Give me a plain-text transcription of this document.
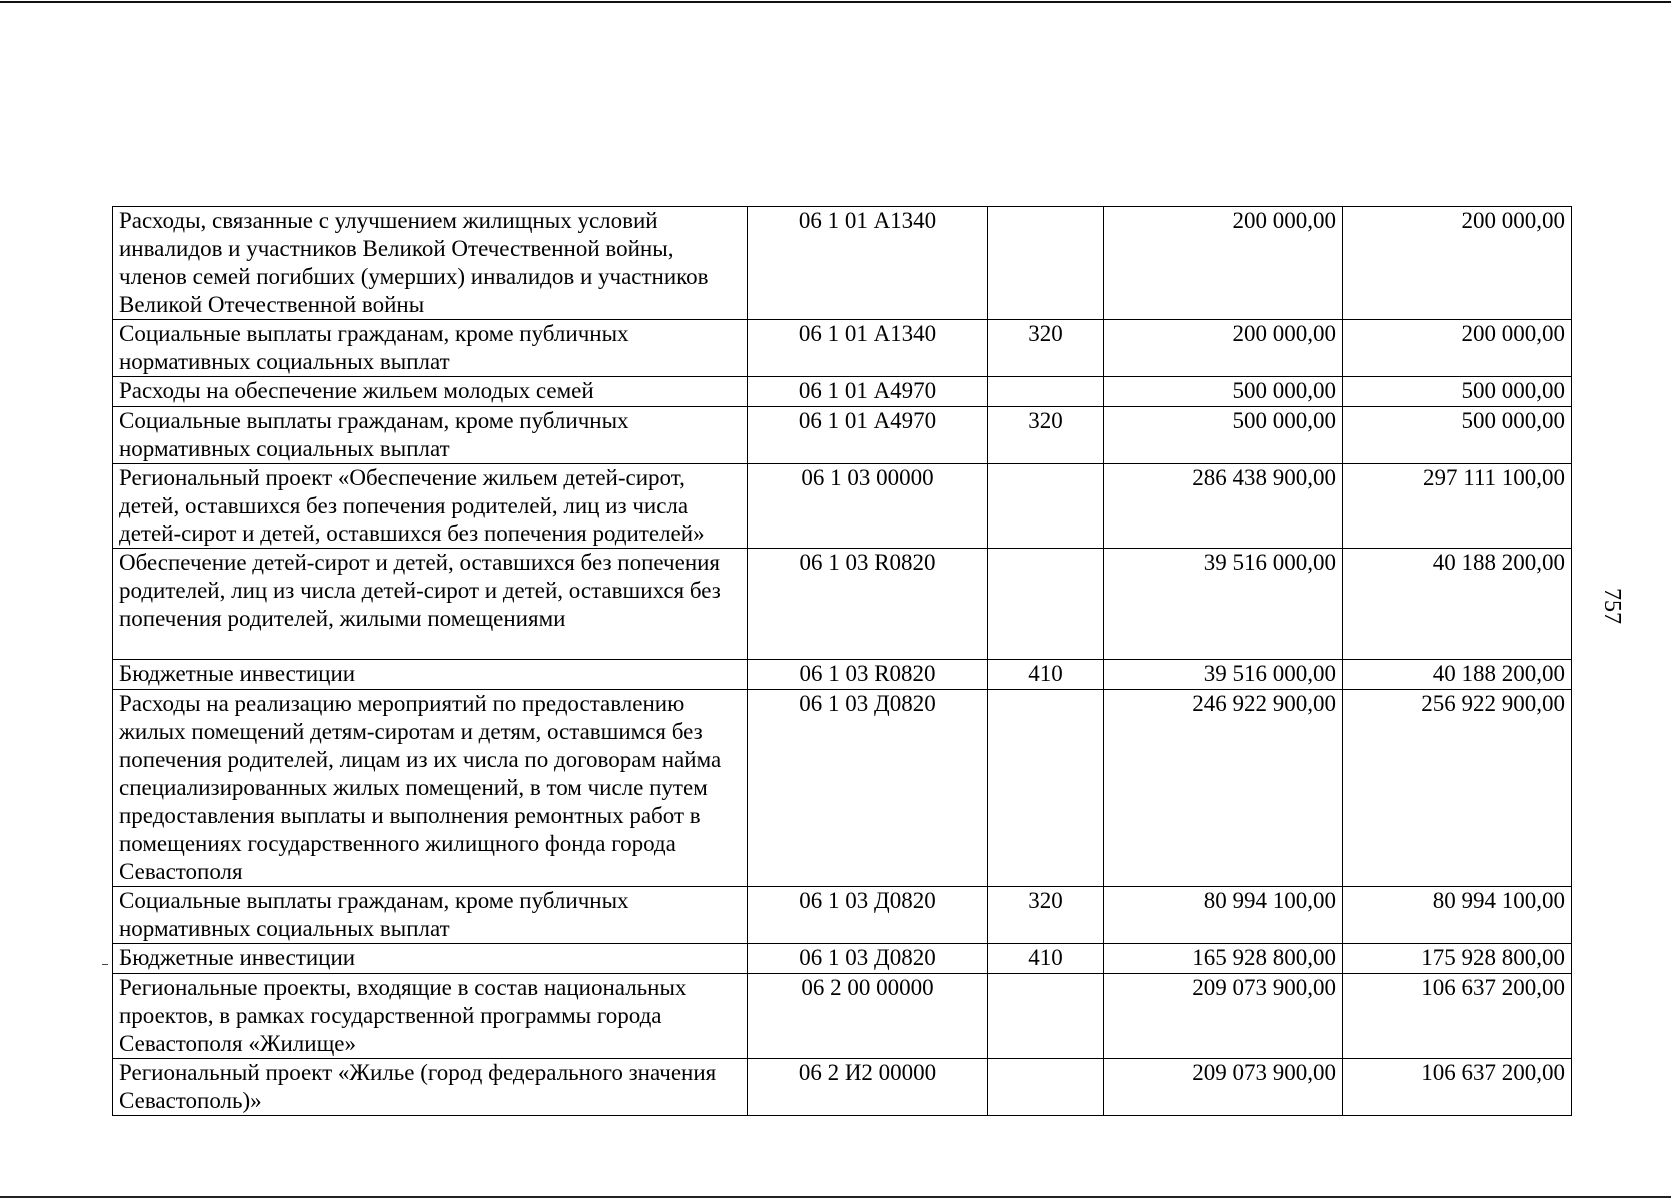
Расходы, связанные с улучшением жилищных условий инвалидов и участников Великой Отечественной войны, членов семей погибших (умерших) инвалидов и участников Великой Отечественной войны	06 1 01 А1340		200 000,00	200 000,00
Социальные выплаты гражданам, кроме публичных нормативных социальных выплат	06 1 01 А1340	320	200 000,00	200 000,00
Расходы на обеспечение жильем молодых семей	06 1 01 А4970		500 000,00	500 000,00
Социальные выплаты гражданам, кроме публичных нормативных социальных выплат	06 1 01 А4970	320	500 000,00	500 000,00
Региональный проект «Обеспечение жильем детей-сирот, детей, оставшихся без попечения родителей, лиц из числа детей-сирот и детей, оставшихся без попечения родителей»	06 1 03 00000		286 438 900,00	297 111 100,00
Обеспечение детей-сирот и детей, оставшихся без попечения родителей, лиц из числа детей-сирот и детей, оставшихся без попечения родителей, жилыми помещениями	06 1 03 R0820		39 516 000,00	40 188 200,00
Бюджетные инвестиции	06 1 03 R0820	410	39 516 000,00	40 188 200,00
Расходы на реализацию мероприятий по предоставлению жилых помещений детям-сиротам и детям, оставшимся без попечения родителей, лицам из их числа по договорам найма специализированных жилых помещений, в том числе путем предоставления выплаты и выполнения ремонтных работ в помещениях государственного жилищного фонда города Севастополя	06 1 03 Д0820		246 922 900,00	256 922 900,00
Социальные выплаты гражданам, кроме публичных нормативных социальных выплат	06 1 03 Д0820	320	80 994 100,00	80 994 100,00
Бюджетные инвестиции	06 1 03 Д0820	410	165 928 800,00	175 928 800,00
Региональные проекты, входящие в состав национальных проектов, в рамках государственной программы города Севастополя «Жилище»	06 2 00 00000		209 073 900,00	106 637 200,00
Региональный проект «Жилье (город федерального значения Севастополь)»	06 2 И2 00000		209 073 900,00	106 637 200,00
757
